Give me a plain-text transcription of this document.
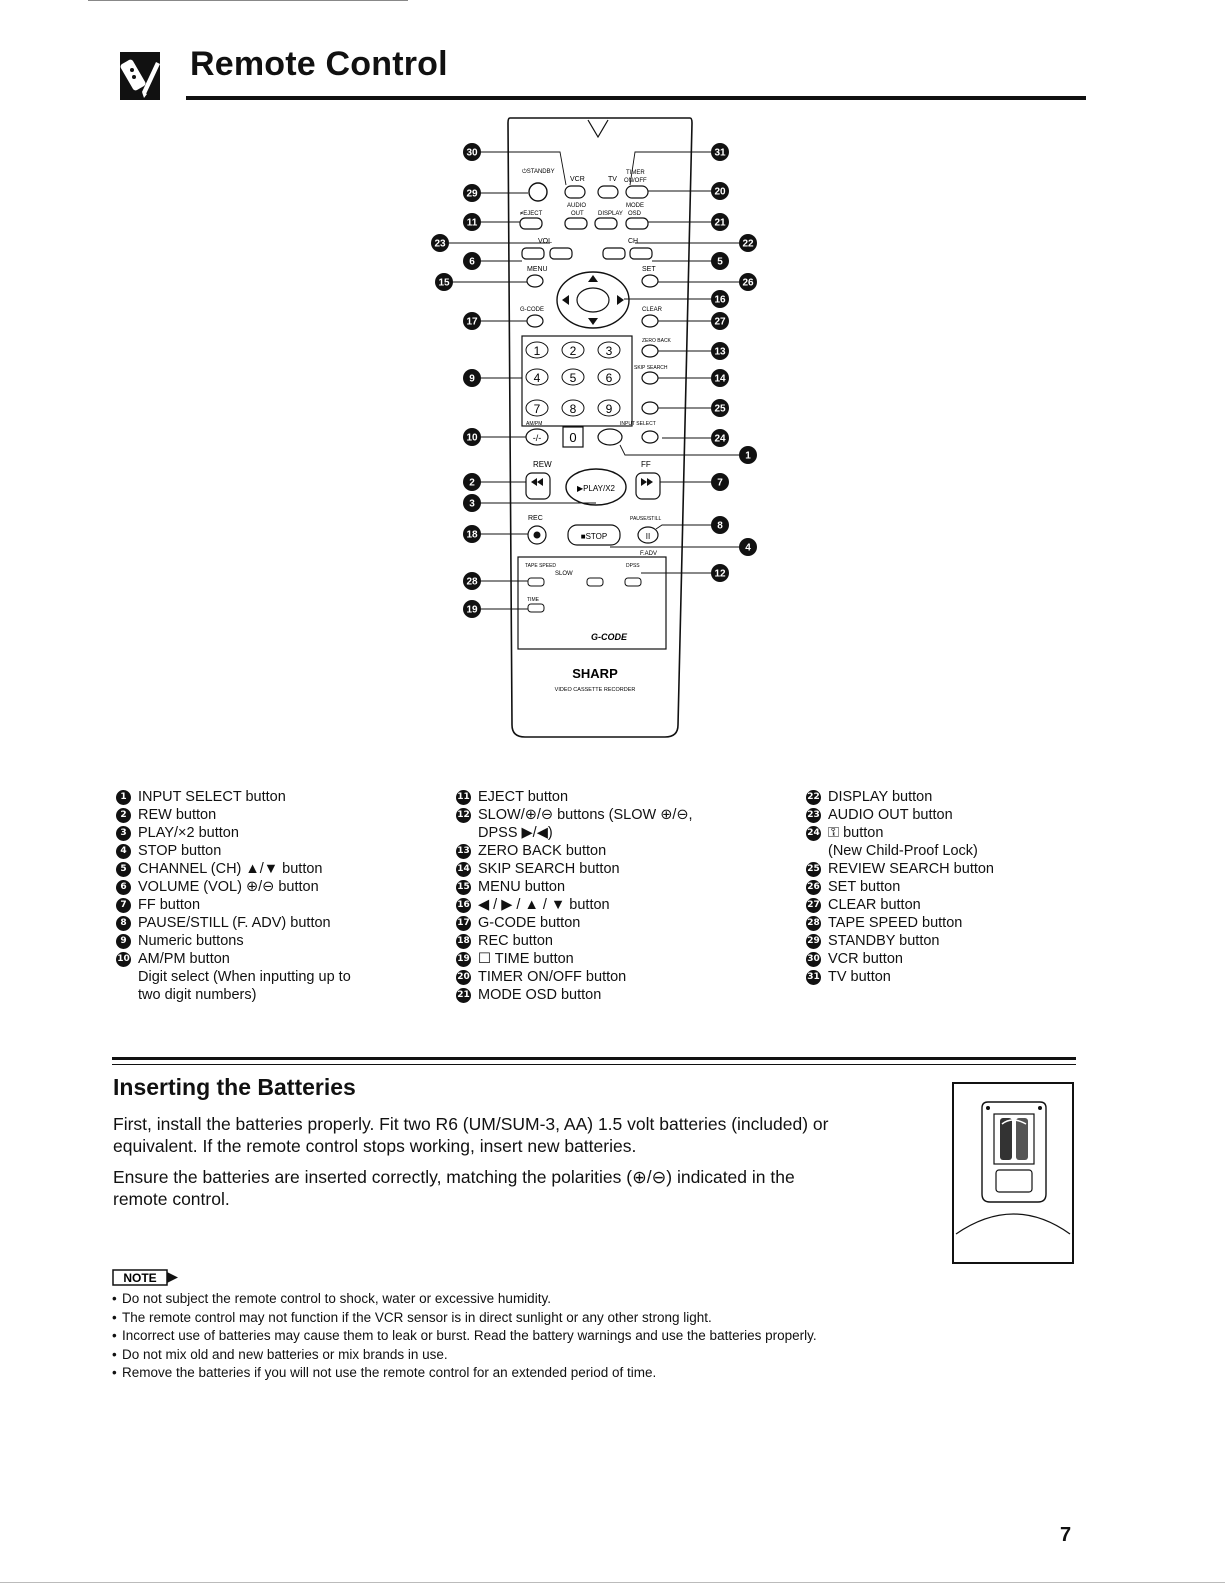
Remote Control
⏻STANDBY
VCR	TV
TIMER
ON/OFF
AUDIO	MODE
≠EJECT	OUT DISPLAY OSD
VOL	CH
MENU	SET
G-CODE	CLEAR
1 2 3
4 5 6
7 8 9
ZERO BACK
SKIP SEARCH
AM/PM	INPUT SELECT
-/- 0
REW	FF
▶PLAY/X2
REC	PAUSE/STILL
■STOP	II
F.ADV
TAPE SPEED
SLOW
DPSS
TIME
G-CODE
SHARP
VIDEO CASSETTE RECORDER
30	31
29	20
11	21
23	22
6	5
15	26
16
17	27
13
9	14
25
10	24
1
2	7
3
8
18
4
28
12
19
1 INPUT SELECT button
2 REW button
3 PLAY/×2 button
4 STOP button
5 CHANNEL (CH) ▲/▼ button
6 VOLUME (VOL) ⊕/⊖ button
7 FF button
8 PAUSE/STILL (F. ADV) button
9 Numeric buttons
10 AM/PM button
Digit select (When inputting up to
two digit numbers)
11 EJECT button
12 SLOW/⊕/⊖ buttons (SLOW ⊕/⊖,
DPSS ▶/◀)
13 ZERO BACK button
14 SKIP SEARCH button
15 MENU button
16 ◀ / ▶ / ▲ / ▼ button
17 G-CODE button
18 REC button
19 ☐ TIME button
20 TIMER ON/OFF button
21 MODE OSD button
22 DISPLAY button
23 AUDIO OUT button
24 ⚿ button
(New Child-Proof Lock)
25 REVIEW SEARCH button
26 SET button
27 CLEAR button
28 TAPE SPEED button
29 STANDBY button
30 VCR button
31 TV button
Inserting the Batteries

First, install the batteries properly. Fit two R6 (UM/SUM-3, AA) 1.5 volt batteries (included) or equivalent. If the remote control stops working, insert new batteries.

Ensure the batteries are inserted correctly, matching the polarities (⊕/⊖) indicated in the remote control.

NOTE
• Do not subject the remote control to shock, water or excessive humidity.
• The remote control may not function if the VCR sensor is in direct sunlight or any other strong light.
• Incorrect use of batteries may cause them to leak or burst. Read the battery warnings and use the batteries properly.
• Do not mix old and new batteries or mix brands in use.
• Remove the batteries if you will not use the remote control for an extended period of time.
7
